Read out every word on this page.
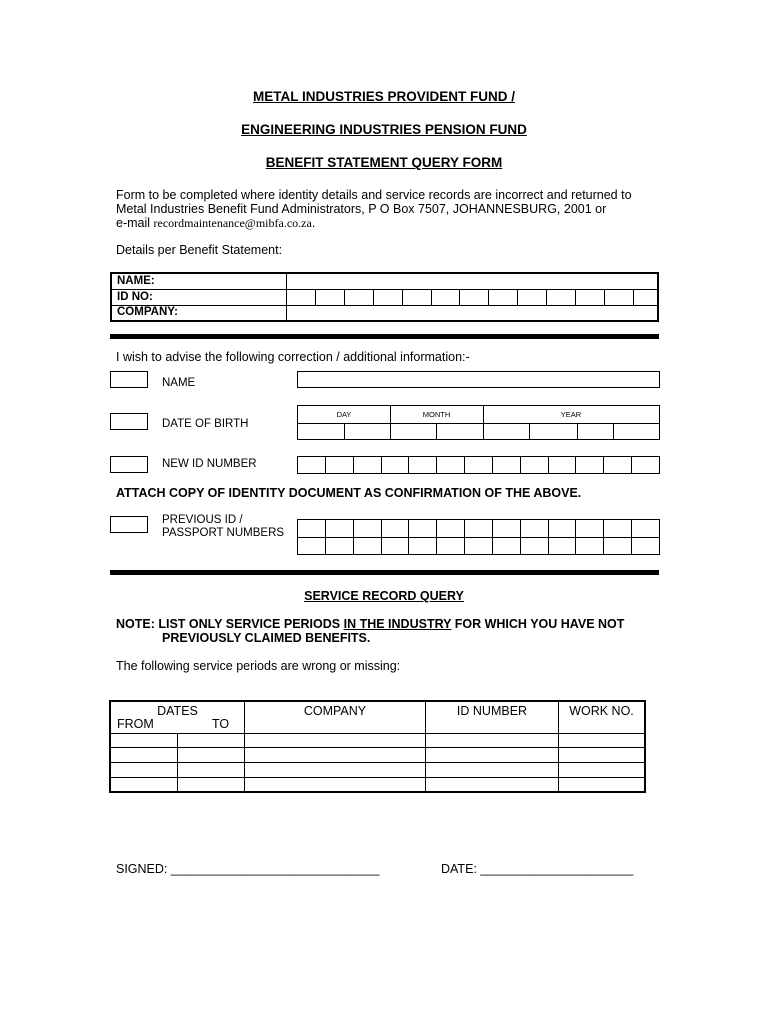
METAL INDUSTRIES PROVIDENT FUND /
ENGINEERING INDUSTRIES PENSION FUND
BENEFIT STATEMENT QUERY FORM
Form to be completed where identity details and service records are incorrect and returned to
Metal Industries Benefit Fund Administrators, P O Box 7507, JOHANNESBURG, 2001 or
e-mail recordmaintenance@mibfa.co.za.
Details per Benefit Statement:
NAME:
ID NO:
COMPANY:
I wish to advise the following correction / additional information:-
NAME
DATE OF BIRTH
DAY	MONTH	YEAR
NEW ID NUMBER
ATTACH COPY OF IDENTITY DOCUMENT AS CONFIRMATION OF THE ABOVE.
PREVIOUS ID /
PASSPORT NUMBERS
SERVICE RECORD QUERY
NOTE: LIST ONLY SERVICE PERIODS IN THE INDUSTRY FOR WHICH YOU HAVE NOT
PREVIOUSLY CLAIMED BENEFITS.
The following service periods are wrong or missing:
DATES
FROM	TO
COMPANY	ID NUMBER	WORK NO.
SIGNED: ______________________________	DATE: ______________________
